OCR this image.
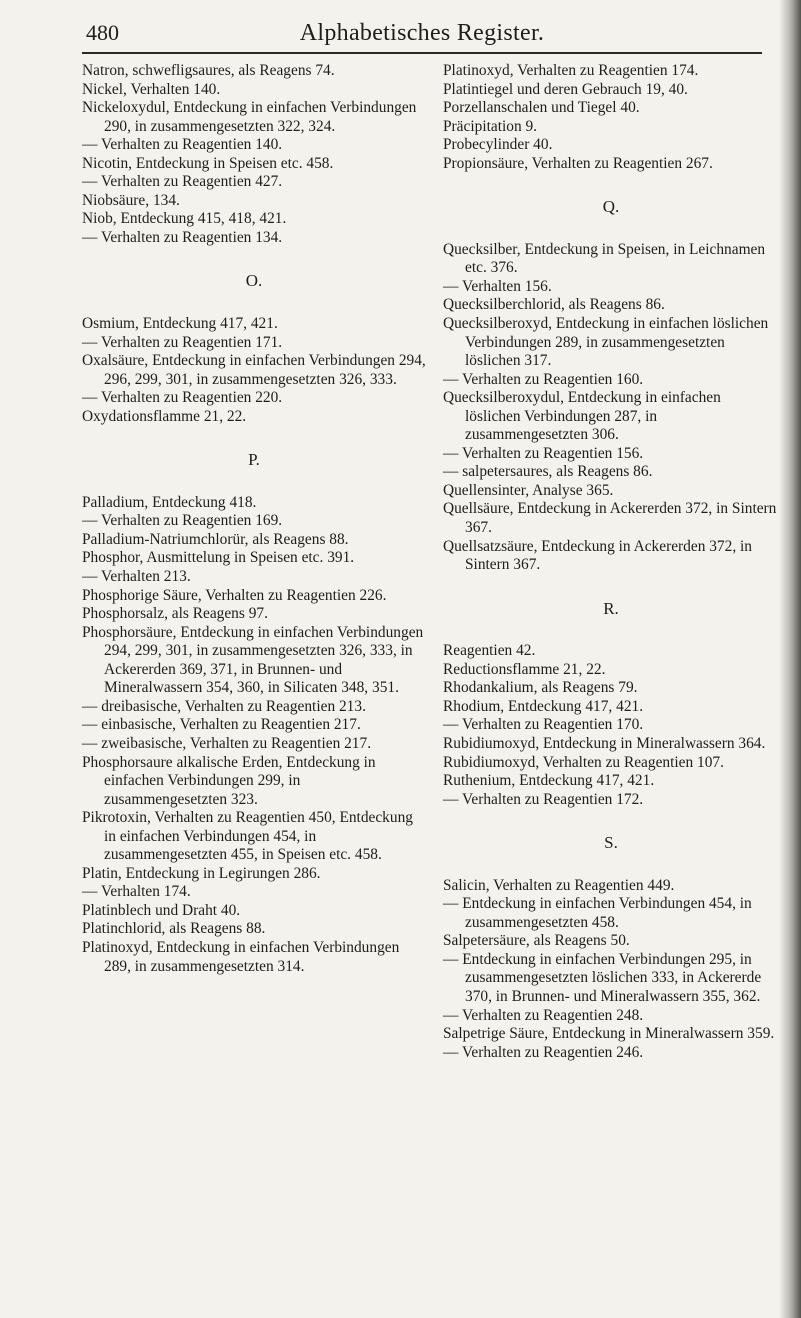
480	Alphabetisches Register.

Natron, schwefligsaures, als Reagens 74.

Nickel, Verhalten 140.

Nickeloxydul, Entdeckung in einfachen Verbindungen 290, in zusammengesetzten 322, 324.

— Verhalten zu Reagentien 140.

Nicotin, Entdeckung in Speisen etc. 458.

— Verhalten zu Reagentien 427.

Niobsäure, 134.

Niob, Entdeckung 415, 418, 421.

— Verhalten zu Reagentien 134.

O.

Osmium, Entdeckung 417, 421.

— Verhalten zu Reagentien 171.

Oxalsäure, Entdeckung in einfachen Verbindungen 294, 296, 299, 301, in zusammengesetzten 326, 333.

— Verhalten zu Reagentien 220.

Oxydationsflamme 21, 22.

P.

Palladium, Entdeckung 418.

— Verhalten zu Reagentien 169.

Palladium-Natriumchlorür, als Reagens 88.

Phosphor, Ausmittelung in Speisen etc. 391.

— Verhalten 213.

Phosphorige Säure, Verhalten zu Reagentien 226.

Phosphorsalz, als Reagens 97.

Phosphorsäure, Entdeckung in einfachen Verbindungen 294, 299, 301, in zusammengesetzten 326, 333, in Ackererden 369, 371, in Brunnen- und Mineralwassern 354, 360, in Silicaten 348, 351.

— dreibasische, Verhalten zu Reagentien 213.

— einbasische, Verhalten zu Reagentien 217.

— zweibasische, Verhalten zu Reagentien 217.

Phosphorsaure alkalische Erden, Entdeckung in einfachen Verbindungen 299, in zusammengesetzten 323.

Pikrotoxin, Verhalten zu Reagentien 450, Entdeckung in einfachen Verbindungen 454, in zusammengesetzten 455, in Speisen etc. 458.

Platin, Entdeckung in Legirungen 286.

— Verhalten 174.

Platinblech und Draht 40.

Platinchlorid, als Reagens 88.

Platinoxyd, Entdeckung in einfachen Verbindungen 289, in zusammengesetzten 314.

Platinoxyd, Verhalten zu Reagentien 174.

Platintiegel und deren Gebrauch 19, 40.

Porzellanschalen und Tiegel 40.

Präcipitation 9.

Probecylinder 40.

Propionsäure, Verhalten zu Reagentien 267.

Q.

Quecksilber, Entdeckung in Speisen, in Leichnamen etc. 376.

— Verhalten 156.

Quecksilberchlorid, als Reagens 86.

Quecksilberoxyd, Entdeckung in einfachen löslichen Verbindungen 289, in zusammengesetzten löslichen 317.

— Verhalten zu Reagentien 160.

Quecksilberoxydul, Entdeckung in einfachen löslichen Verbindungen 287, in zusammengesetzten 306.

— Verhalten zu Reagentien 156.

— salpetersaures, als Reagens 86.

Quellensinter, Analyse 365.

Quellsäure, Entdeckung in Ackererden 372, in Sintern 367.

Quellsatzsäure, Entdeckung in Ackererden 372, in Sintern 367.

R.

Reagentien 42.

Reductionsflamme 21, 22.

Rhodankalium, als Reagens 79.

Rhodium, Entdeckung 417, 421.

— Verhalten zu Reagentien 170.

Rubidiumoxyd, Entdeckung in Mineralwassern 364.

Rubidiumoxyd, Verhalten zu Reagentien 107.

Ruthenium, Entdeckung 417, 421.

— Verhalten zu Reagentien 172.

S.

Salicin, Verhalten zu Reagentien 449.

— Entdeckung in einfachen Verbindungen 454, in zusammengesetzten 458.

Salpetersäure, als Reagens 50.

— Entdeckung in einfachen Verbindungen 295, in zusammengesetzten löslichen 333, in Ackererde 370, in Brunnen- und Mineralwassern 355, 362.

— Verhalten zu Reagentien 248.

Salpetrige Säure, Entdeckung in Mineralwassern 359.

— Verhalten zu Reagentien 246.
